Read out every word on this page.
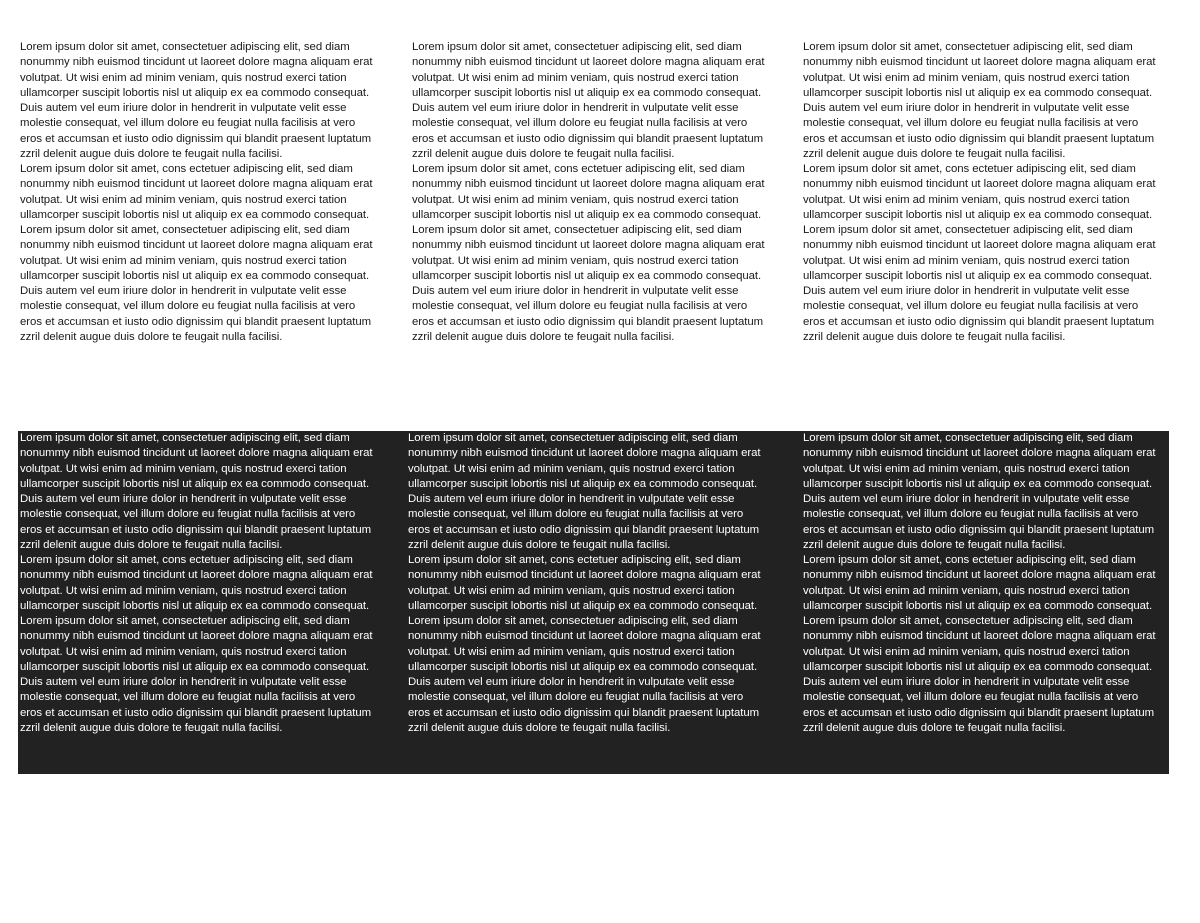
Lorem ipsum dolor sit amet, consectetuer adipiscing elit, sed diam nonummy nibh euismod tincidunt ut laoreet dolore magna aliquam erat volutpat. Ut wisi enim ad minim veniam, quis nostrud exerci tation ullamcorper suscipit lobortis nisl ut aliquip ex ea commodo consequat. Duis autem vel eum iriure dolor in hendrerit in vulputate velit esse molestie consequat, vel illum dolore eu feugiat nulla facilisis at vero eros et accumsan et iusto odio dignissim qui blandit praesent luptatum zzril delenit augue duis dolore te feugait nulla facilisi.

Lorem ipsum dolor sit amet, cons ectetuer adipiscing elit, sed diam nonummy nibh euismod tincidunt ut laoreet dolore magna aliquam erat volutpat. Ut wisi enim ad minim veniam, quis nostrud exerci tation ullamcorper suscipit lobortis nisl ut aliquip ex ea commodo consequat.

Lorem ipsum dolor sit amet, consectetuer adipiscing elit, sed diam nonummy nibh euismod tincidunt ut laoreet dolore magna aliquam erat volutpat. Ut wisi enim ad minim veniam, quis nostrud exerci tation ullamcorper suscipit lobortis nisl ut aliquip ex ea commodo consequat. Duis autem vel eum iriure dolor in hendrerit in vulputate velit esse molestie consequat, vel illum dolore eu feugiat nulla facilisis at vero eros et accumsan et iusto odio dignissim qui blandit praesent luptatum zzril delenit augue duis dolore te feugait nulla facilisi.

Lorem ipsum dolor sit amet, consectetuer adipiscing elit, sed diam nonummy nibh euismod tincidunt ut laoreet dolore magna aliquam erat volutpat. Ut wisi enim ad minim veniam, quis nostrud exerci tation ullamcorper suscipit lobortis nisl ut aliquip ex ea commodo consequat. Duis autem vel eum iriure dolor in hendrerit in vulputate velit esse molestie consequat, vel illum dolore eu feugiat nulla facilisis at vero eros et accumsan et iusto odio dignissim qui blandit praesent luptatum zzril delenit augue duis dolore te feugait nulla facilisi.

Lorem ipsum dolor sit amet, cons ectetuer adipiscing elit, sed diam nonummy nibh euismod tincidunt ut laoreet dolore magna aliquam erat volutpat. Ut wisi enim ad minim veniam, quis nostrud exerci tation ullamcorper suscipit lobortis nisl ut aliquip ex ea commodo consequat.

Lorem ipsum dolor sit amet, consectetuer adipiscing elit, sed diam nonummy nibh euismod tincidunt ut laoreet dolore magna aliquam erat volutpat. Ut wisi enim ad minim veniam, quis nostrud exerci tation ullamcorper suscipit lobortis nisl ut aliquip ex ea commodo consequat. Duis autem vel eum iriure dolor in hendrerit in vulputate velit esse molestie consequat, vel illum dolore eu feugiat nulla facilisis at vero eros et accumsan et iusto odio dignissim qui blandit praesent luptatum zzril delenit augue duis dolore te feugait nulla facilisi.

Lorem ipsum dolor sit amet, consectetuer adipiscing elit, sed diam nonummy nibh euismod tincidunt ut laoreet dolore magna aliquam erat volutpat. Ut wisi enim ad minim veniam, quis nostrud exerci tation ullamcorper suscipit lobortis nisl ut aliquip ex ea commodo consequat. Duis autem vel eum iriure dolor in hendrerit in vulputate velit esse molestie consequat, vel illum dolore eu feugiat nulla facilisis at vero eros et accumsan et iusto odio dignissim qui blandit praesent luptatum zzril delenit augue duis dolore te feugait nulla facilisi.

Lorem ipsum dolor sit amet, cons ectetuer adipiscing elit, sed diam nonummy nibh euismod tincidunt ut laoreet dolore magna aliquam erat volutpat. Ut wisi enim ad minim veniam, quis nostrud exerci tation ullamcorper suscipit lobortis nisl ut aliquip ex ea commodo consequat.

Lorem ipsum dolor sit amet, consectetuer adipiscing elit, sed diam nonummy nibh euismod tincidunt ut laoreet dolore magna aliquam erat volutpat. Ut wisi enim ad minim veniam, quis nostrud exerci tation ullamcorper suscipit lobortis nisl ut aliquip ex ea commodo consequat. Duis autem vel eum iriure dolor in hendrerit in vulputate velit esse molestie consequat, vel illum dolore eu feugiat nulla facilisis at vero eros et accumsan et iusto odio dignissim qui blandit praesent luptatum zzril delenit augue duis dolore te feugait nulla facilisi.

Lorem ipsum dolor sit amet, consectetuer adipiscing elit, sed diam nonummy nibh euismod tincidunt ut laoreet dolore magna aliquam erat volutpat. Ut wisi enim ad minim veniam, quis nostrud exerci tation ullamcorper suscipit lobortis nisl ut aliquip ex ea commodo consequat. Duis autem vel eum iriure dolor in hendrerit in vulputate velit esse molestie consequat, vel illum dolore eu feugiat nulla facilisis at vero eros et accumsan et iusto odio dignissim qui blandit praesent luptatum zzril delenit augue duis dolore te feugait nulla facilisi.

Lorem ipsum dolor sit amet, cons ectetuer adipiscing elit, sed diam nonummy nibh euismod tincidunt ut laoreet dolore magna aliquam erat volutpat. Ut wisi enim ad minim veniam, quis nostrud exerci tation ullamcorper suscipit lobortis nisl ut aliquip ex ea commodo consequat.

Lorem ipsum dolor sit amet, consectetuer adipiscing elit, sed diam nonummy nibh euismod tincidunt ut laoreet dolore magna aliquam erat volutpat. Ut wisi enim ad minim veniam, quis nostrud exerci tation ullamcorper suscipit lobortis nisl ut aliquip ex ea commodo consequat. Duis autem vel eum iriure dolor in hendrerit in vulputate velit esse molestie consequat, vel illum dolore eu feugiat nulla facilisis at vero eros et accumsan et iusto odio dignissim qui blandit praesent luptatum zzril delenit augue duis dolore te feugait nulla facilisi.

Lorem ipsum dolor sit amet, consectetuer adipiscing elit, sed diam nonummy nibh euismod tincidunt ut laoreet dolore magna aliquam erat volutpat. Ut wisi enim ad minim veniam, quis nostrud exerci tation ullamcorper suscipit lobortis nisl ut aliquip ex ea commodo consequat. Duis autem vel eum iriure dolor in hendrerit in vulputate velit esse molestie consequat, vel illum dolore eu feugiat nulla facilisis at vero eros et accumsan et iusto odio dignissim qui blandit praesent luptatum zzril delenit augue duis dolore te feugait nulla facilisi.

Lorem ipsum dolor sit amet, cons ectetuer adipiscing elit, sed diam nonummy nibh euismod tincidunt ut laoreet dolore magna aliquam erat volutpat. Ut wisi enim ad minim veniam, quis nostrud exerci tation ullamcorper suscipit lobortis nisl ut aliquip ex ea commodo consequat.

Lorem ipsum dolor sit amet, consectetuer adipiscing elit, sed diam nonummy nibh euismod tincidunt ut laoreet dolore magna aliquam erat volutpat. Ut wisi enim ad minim veniam, quis nostrud exerci tation ullamcorper suscipit lobortis nisl ut aliquip ex ea commodo consequat. Duis autem vel eum iriure dolor in hendrerit in vulputate velit esse molestie consequat, vel illum dolore eu feugiat nulla facilisis at vero eros et accumsan et iusto odio dignissim qui blandit praesent luptatum zzril delenit augue duis dolore te feugait nulla facilisi.

Lorem ipsum dolor sit amet, consectetuer adipiscing elit, sed diam nonummy nibh euismod tincidunt ut laoreet dolore magna aliquam erat volutpat. Ut wisi enim ad minim veniam, quis nostrud exerci tation ullamcorper suscipit lobortis nisl ut aliquip ex ea commodo consequat. Duis autem vel eum iriure dolor in hendrerit in vulputate velit esse molestie consequat, vel illum dolore eu feugiat nulla facilisis at vero eros et accumsan et iusto odio dignissim qui blandit praesent luptatum zzril delenit augue duis dolore te feugait nulla facilisi.

Lorem ipsum dolor sit amet, cons ectetuer adipiscing elit, sed diam nonummy nibh euismod tincidunt ut laoreet dolore magna aliquam erat volutpat. Ut wisi enim ad minim veniam, quis nostrud exerci tation ullamcorper suscipit lobortis nisl ut aliquip ex ea commodo consequat.

Lorem ipsum dolor sit amet, consectetuer adipiscing elit, sed diam nonummy nibh euismod tincidunt ut laoreet dolore magna aliquam erat volutpat. Ut wisi enim ad minim veniam, quis nostrud exerci tation ullamcorper suscipit lobortis nisl ut aliquip ex ea commodo consequat. Duis autem vel eum iriure dolor in hendrerit in vulputate velit esse molestie consequat, vel illum dolore eu feugiat nulla facilisis at vero eros et accumsan et iusto odio dignissim qui blandit praesent luptatum zzril delenit augue duis dolore te feugait nulla facilisi.
